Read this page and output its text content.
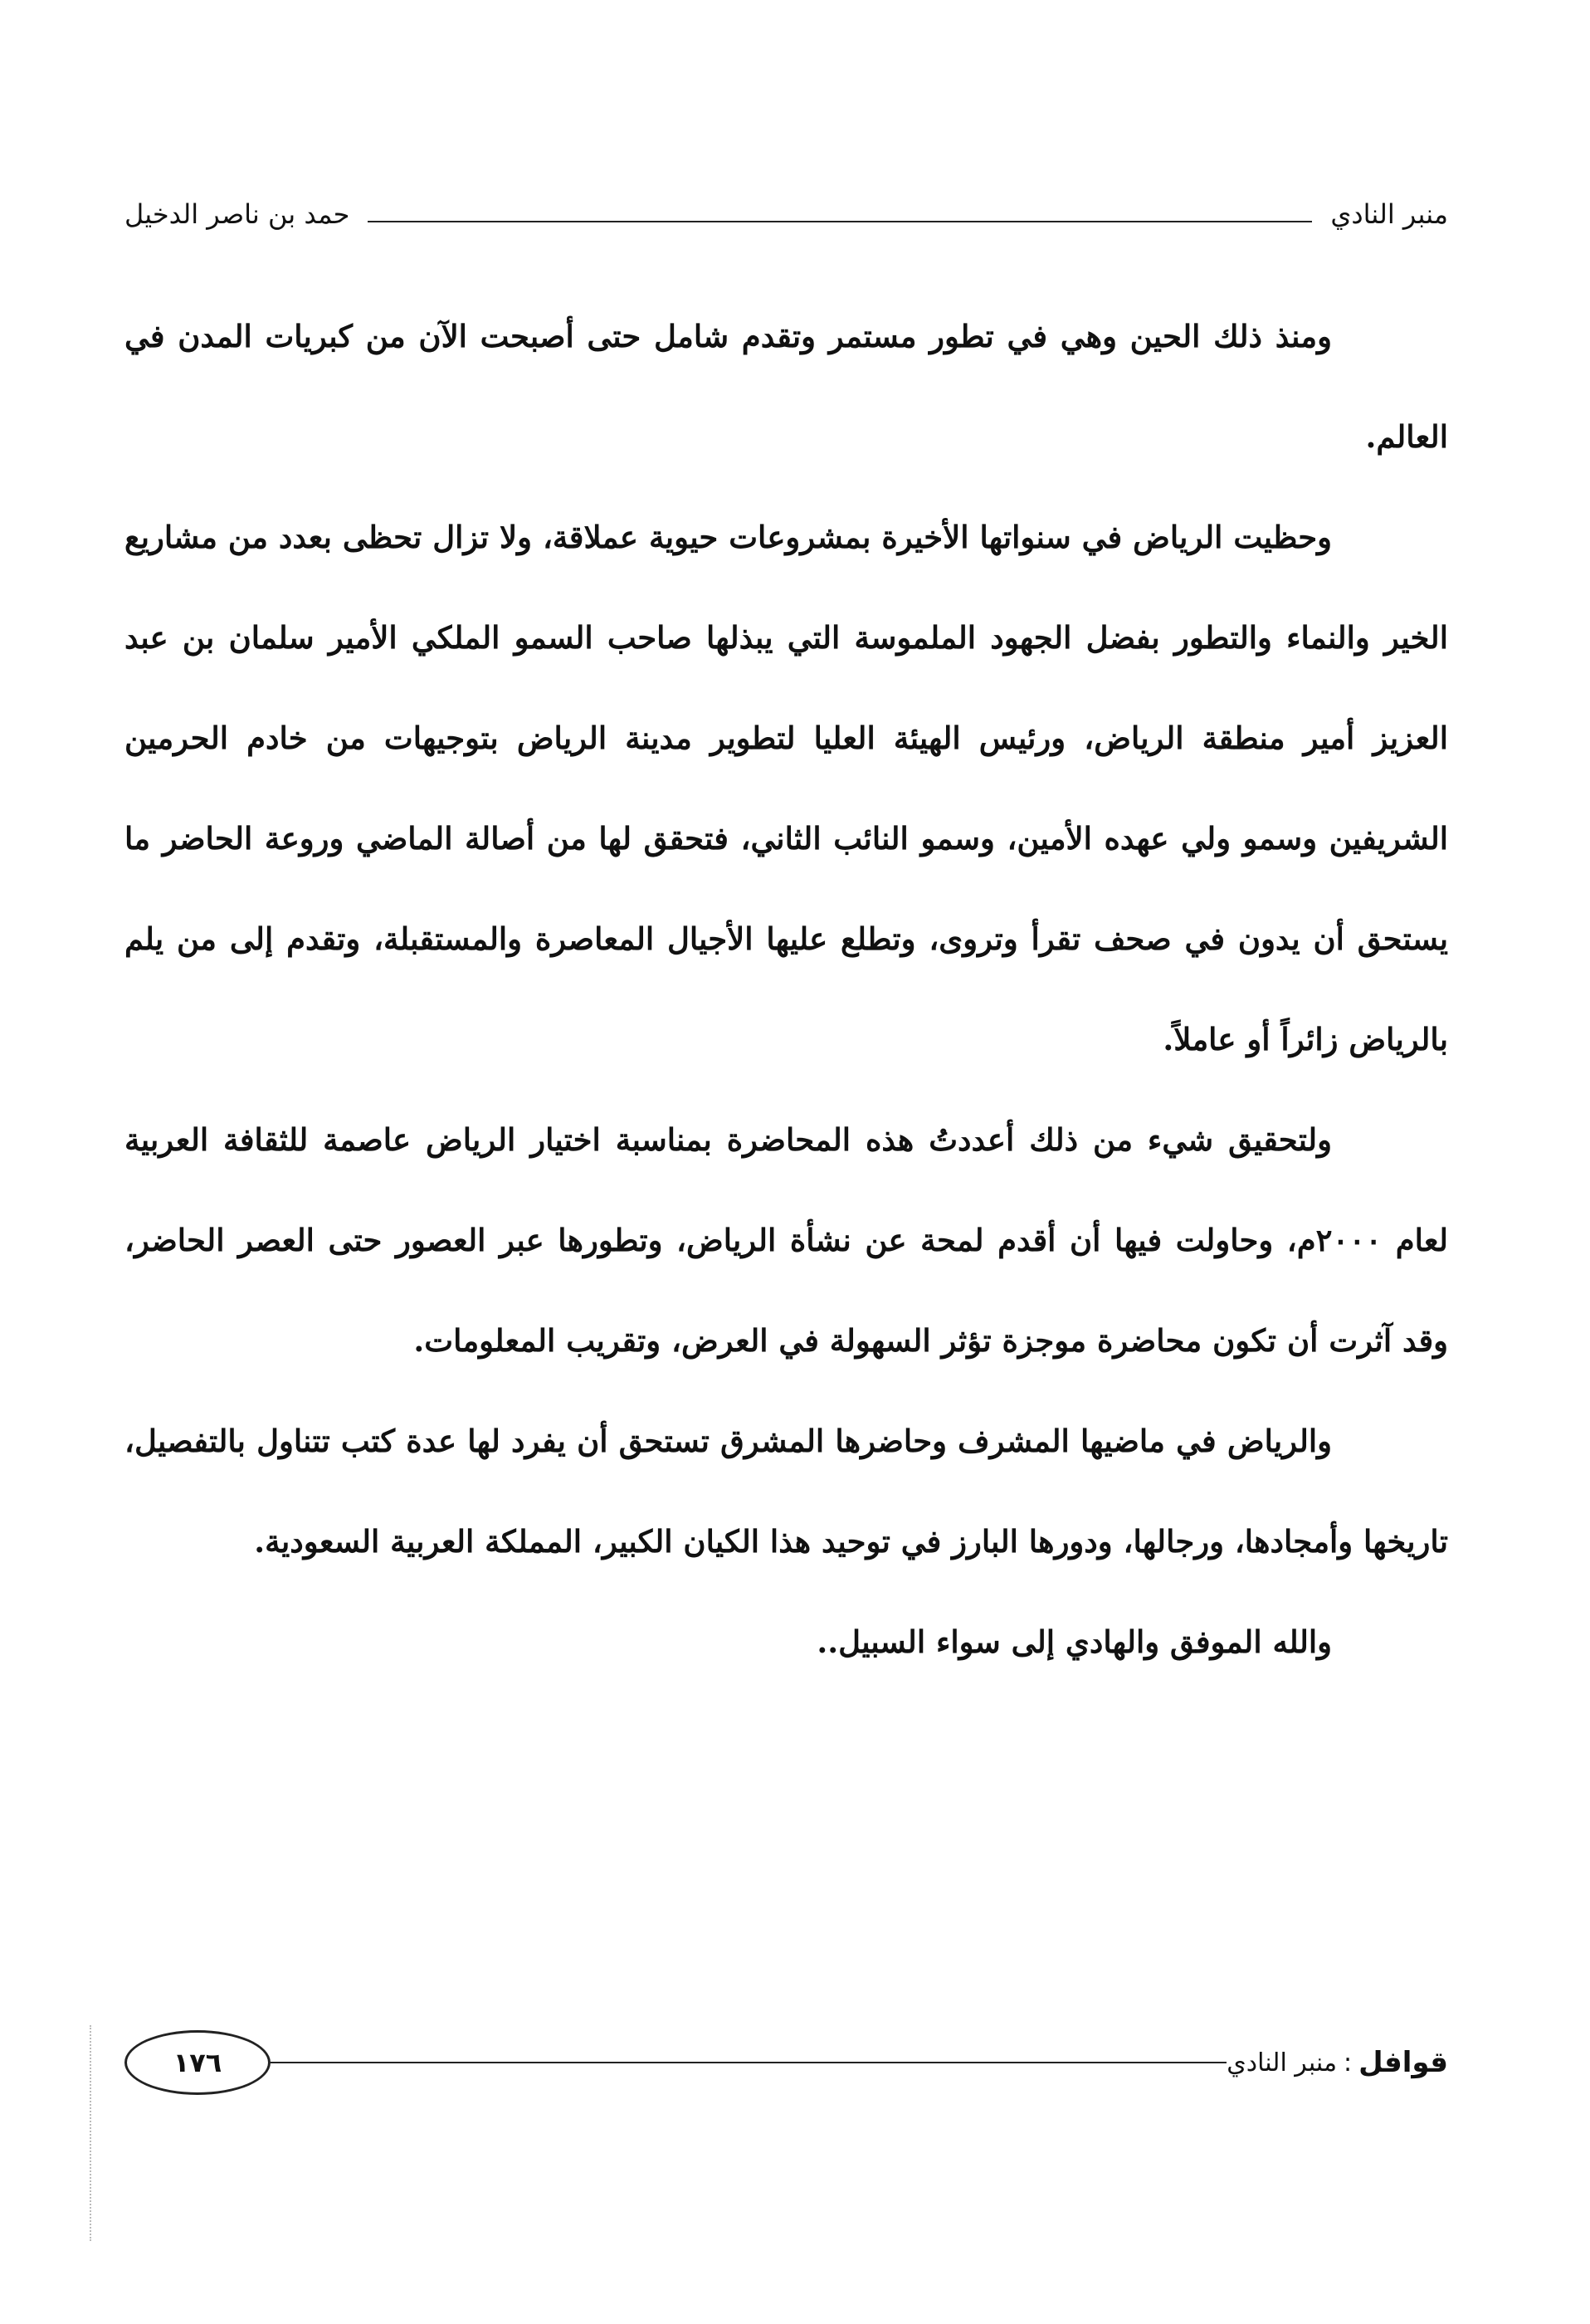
منبر النادي
حمد بن ناصر الدخيل

ومنذ ذلك الحين وهي في تطور مستمر وتقدم شامل حتى أصبحت الآن من كبريات المدن في العالم.

وحظيت الرياض في سنواتها الأخيرة بمشروعات حيوية عملاقة، ولا تزال تحظى بعدد من مشاريع الخير والنماء والتطور بفضل الجهود الملموسة التي يبذلها صاحب السمو الملكي الأمير سلمان بن عبد العزيز أمير منطقة الرياض، ورئيس الهيئة العليا لتطوير مدينة الرياض بتوجيهات من خادم الحرمين الشريفين وسمو ولي عهده الأمين، وسمو النائب الثاني، فتحقق لها من أصالة الماضي وروعة الحاضر ما يستحق أن يدون في صحف تقرأ وتروى، وتطلع عليها الأجيال المعاصرة والمستقبلة، وتقدم إلى من يلم بالرياض زائراً أو عاملاً.

ولتحقيق شيء من ذلك أعددتُ هذه المحاضرة بمناسبة اختيار الرياض عاصمة للثقافة العربية لعام ٢٠٠٠م، وحاولت فيها أن أقدم لمحة عن نشأة الرياض، وتطورها عبر العصور حتى العصر الحاضر، وقد آثرت أن تكون محاضرة موجزة تؤثر السهولة في العرض، وتقريب المعلومات.

والرياض في ماضيها المشرف وحاضرها المشرق تستحق أن يفرد لها عدة كتب تتناول بالتفصيل، تاريخها وأمجادها، ورجالها، ودورها البارز في توحيد هذا الكيان الكبير، المملكة العربية السعودية.

والله الموفق والهادي إلى سواء السبيل..

قوافل
:
منبر النادي
١٧٦
